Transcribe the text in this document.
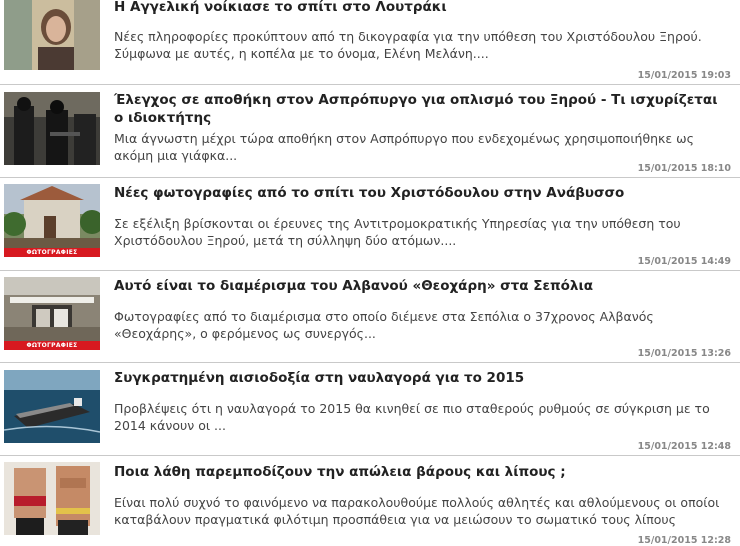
Η Αγγελική νοίκιασε το σπίτι στο Λουτράκι

Νέες πληροφορίες προκύπτουν από τη δικογραφία για την υπόθεση του Χριστόδουλου Ξηρού. Σύμφωνα με αυτές, η κοπέλα με το όνομα, Ελένη Μελάνη....

15/01/2015 19:03
Έλεγχος σε αποθήκη στον Ασπρόπυργο για οπλισμό του Ξηρού - Τι ισχυρίζεται ο ιδιοκτήτης

Μια άγνωστη μέχρι τώρα αποθήκη στον Ασπρόπυργο που ενδεχομένως χρησιμοποιήθηκε ως ακόμη μια γιάφκα...

15/01/2015 18:10
ΦΩΤΟΓΡΑΦΙΕΣ
Νέες φωτογραφίες από το σπίτι του Χριστόδουλου στην Ανάβυσσο

Σε εξέλιξη βρίσκονται οι έρευνες της Αντιτρομοκρατικής Υπηρεσίας για την υπόθεση του Χριστόδουλου Ξηρού, μετά τη σύλληψη δύο ατόμων....

15/01/2015 14:49
ΦΩΤΟΓΡΑΦΙΕΣ
Αυτό είναι το διαμέρισμα του Αλβανού «Θεοχάρη» στα Σεπόλια

Φωτογραφίες από το διαμέρισμα στο οποίο διέμενε στα Σεπόλια ο 37χρονος Αλβανός «Θεοχάρης», ο φερόμενος ως συνεργός...

15/01/2015 13:26
Συγκρατημένη αισιοδοξία στη ναυλαγορά για το 2015

Προβλέψεις ότι η ναυλαγορά το 2015 θα κινηθεί σε πιο σταθερούς ρυθμούς σε σύγκριση με το 2014 κάνουν οι ...

15/01/2015 12:48
Ποια λάθη παρεμποδίζουν την απώλεια βάρους και λίπους ;

Είναι πολύ συχνό το φαινόμενο να παρακολουθούμε πολλούς αθλητές και αθλούμενους οι οποίοι καταβάλουν πραγματικά φιλότιμη προσπάθεια για να μειώσουν το σωματικό τους λίπους

15/01/2015 12:28
